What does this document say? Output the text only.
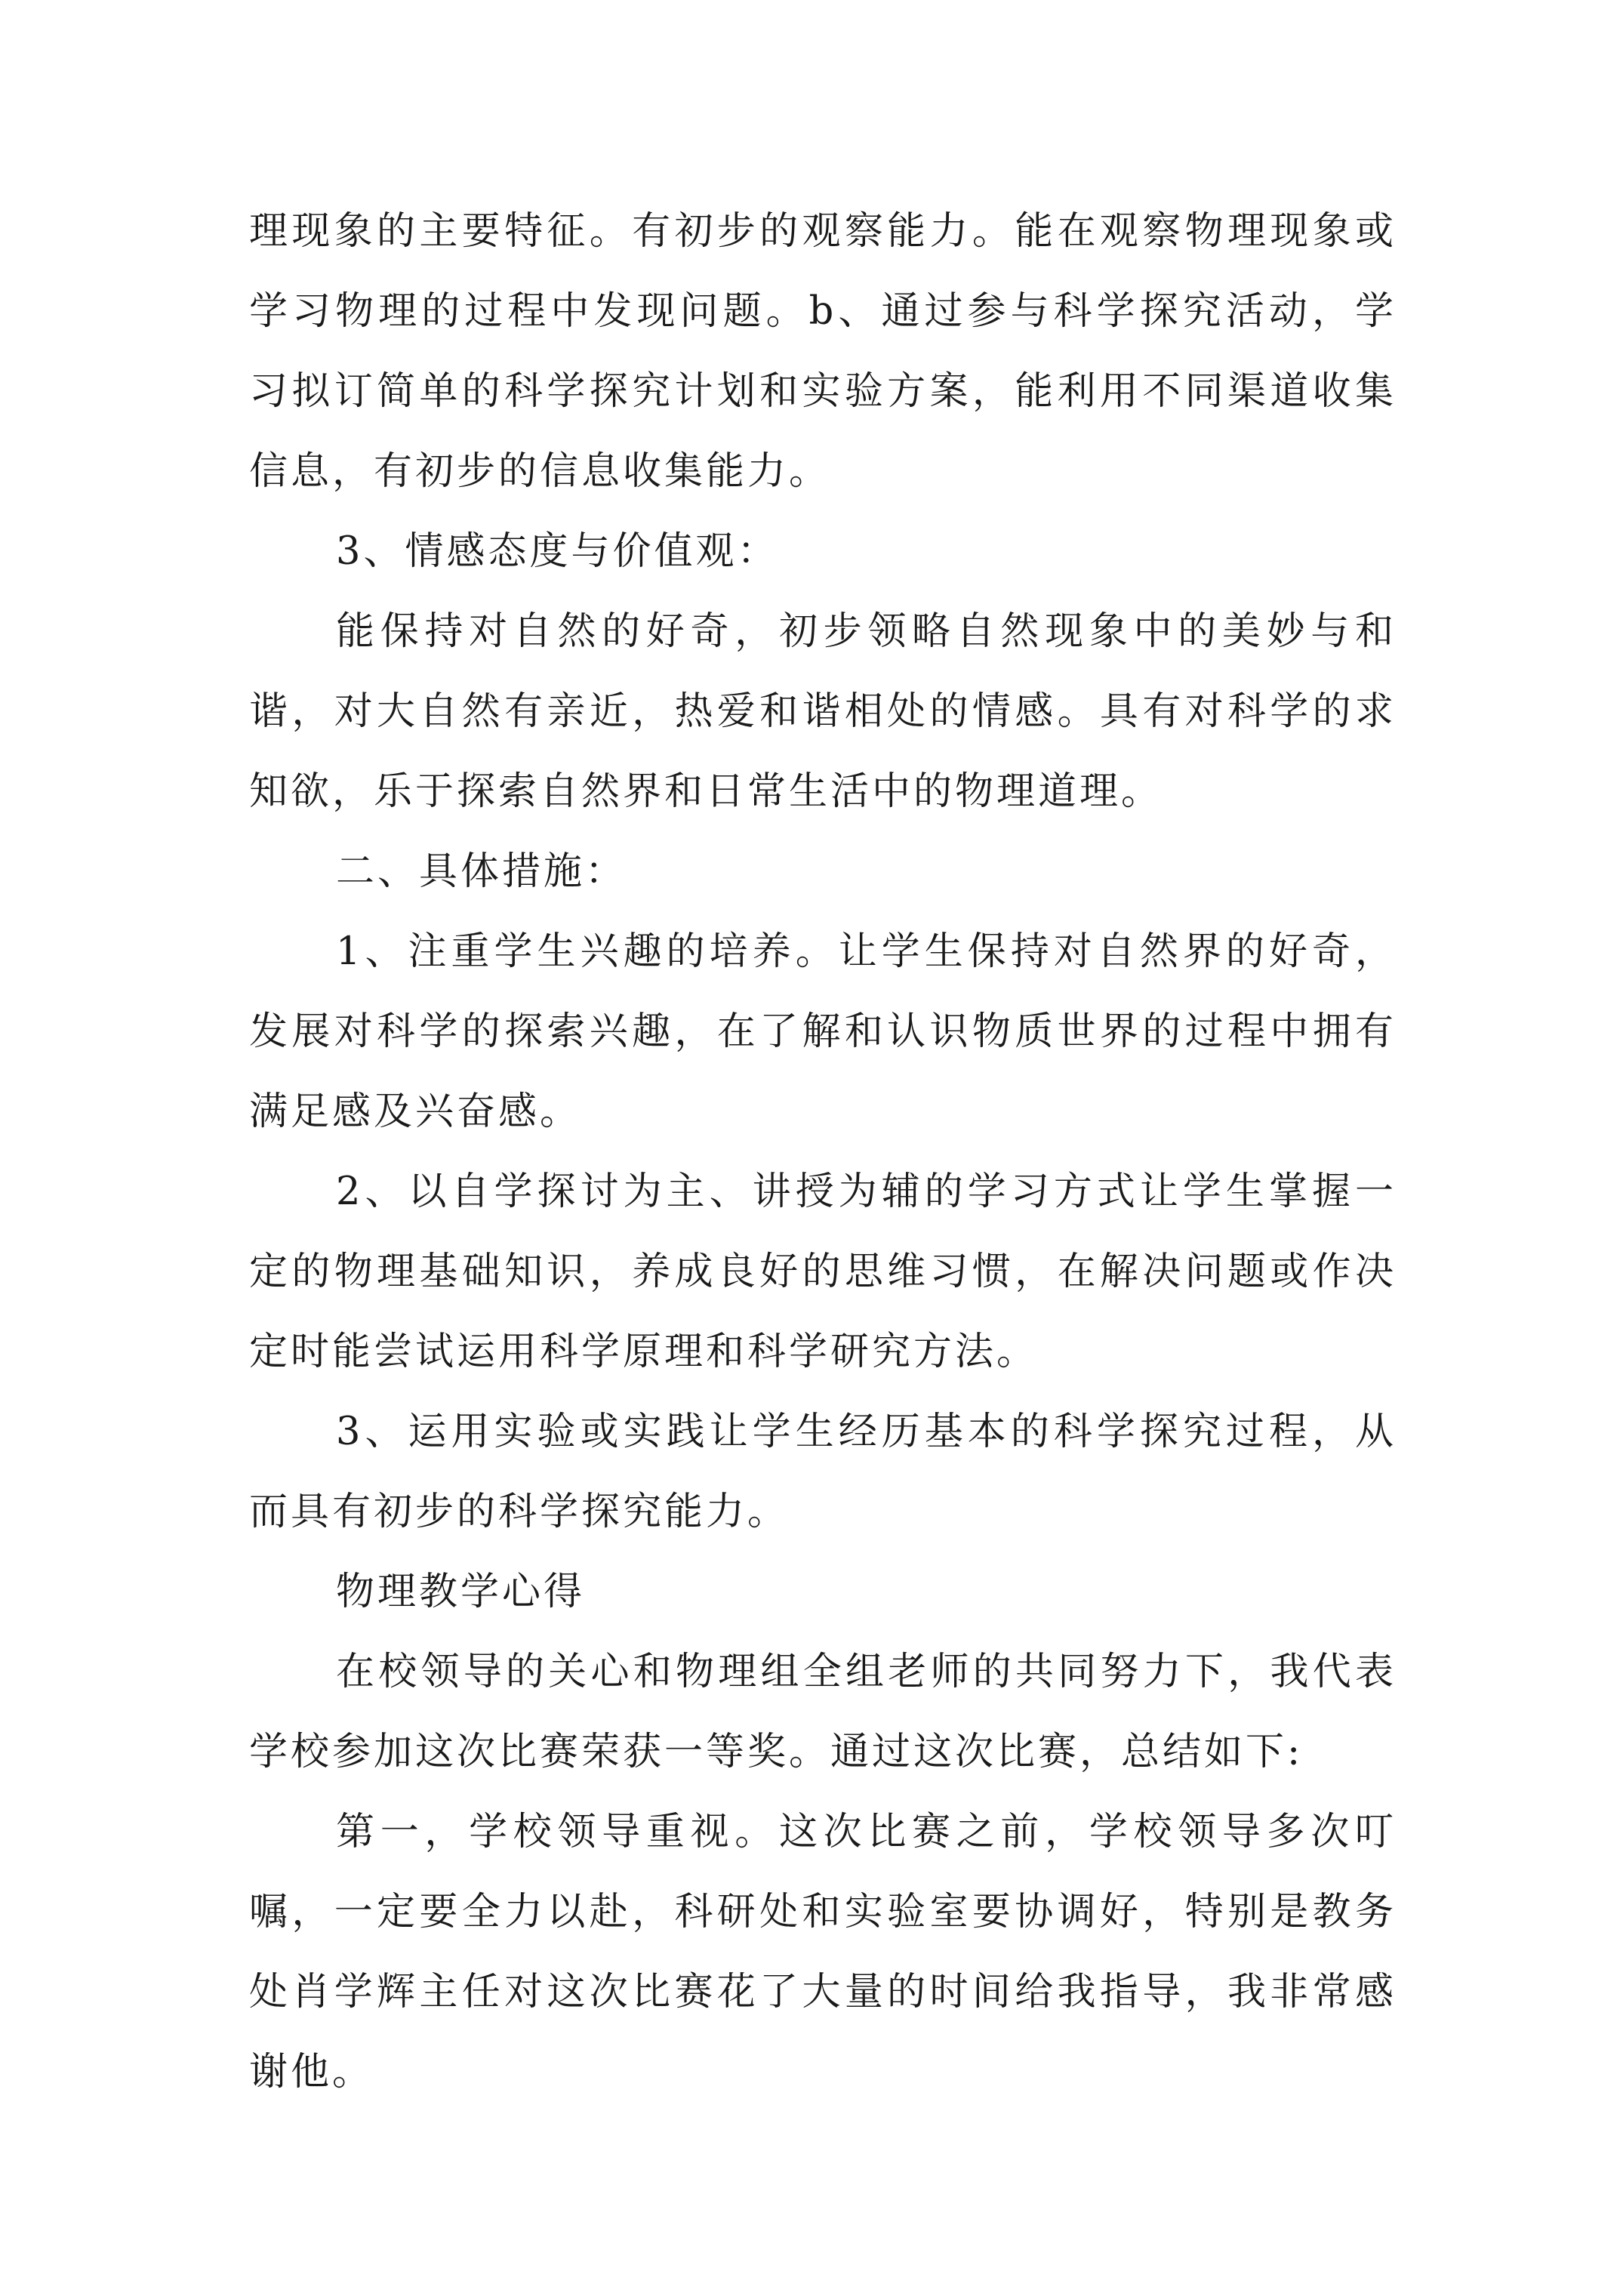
理现象的主要特征。有初步的观察能力。能在观察物理现象或学习物理的过程中发现问题。b、通过参与科学探究活动，学习拟订简单的科学探究计划和实验方案，能利用不同渠道收集信息，有初步的信息收集能力。

3、情感态度与价值观：

能保持对自然的好奇，初步领略自然现象中的美妙与和谐，对大自然有亲近，热爱和谐相处的情感。具有对科学的求知欲，乐于探索自然界和日常生活中的物理道理。

二、具体措施：

1、注重学生兴趣的培养。让学生保持对自然界的好奇，发展对科学的探索兴趣，在了解和认识物质世界的过程中拥有满足感及兴奋感。

2、以自学探讨为主、讲授为辅的学习方式让学生掌握一定的物理基础知识，养成良好的思维习惯，在解决问题或作决定时能尝试运用科学原理和科学研究方法。

3、运用实验或实践让学生经历基本的科学探究过程，从而具有初步的科学探究能力。

物理教学心得

在校领导的关心和物理组全组老师的共同努力下，我代表学校参加这次比赛荣获一等奖。通过这次比赛，总结如下:

第一，学校领导重视。这次比赛之前，学校领导多次叮嘱，一定要全力以赴，科研处和实验室要协调好，特别是教务处肖学辉主任对这次比赛花了大量的时间给我指导，我非常感谢他。
